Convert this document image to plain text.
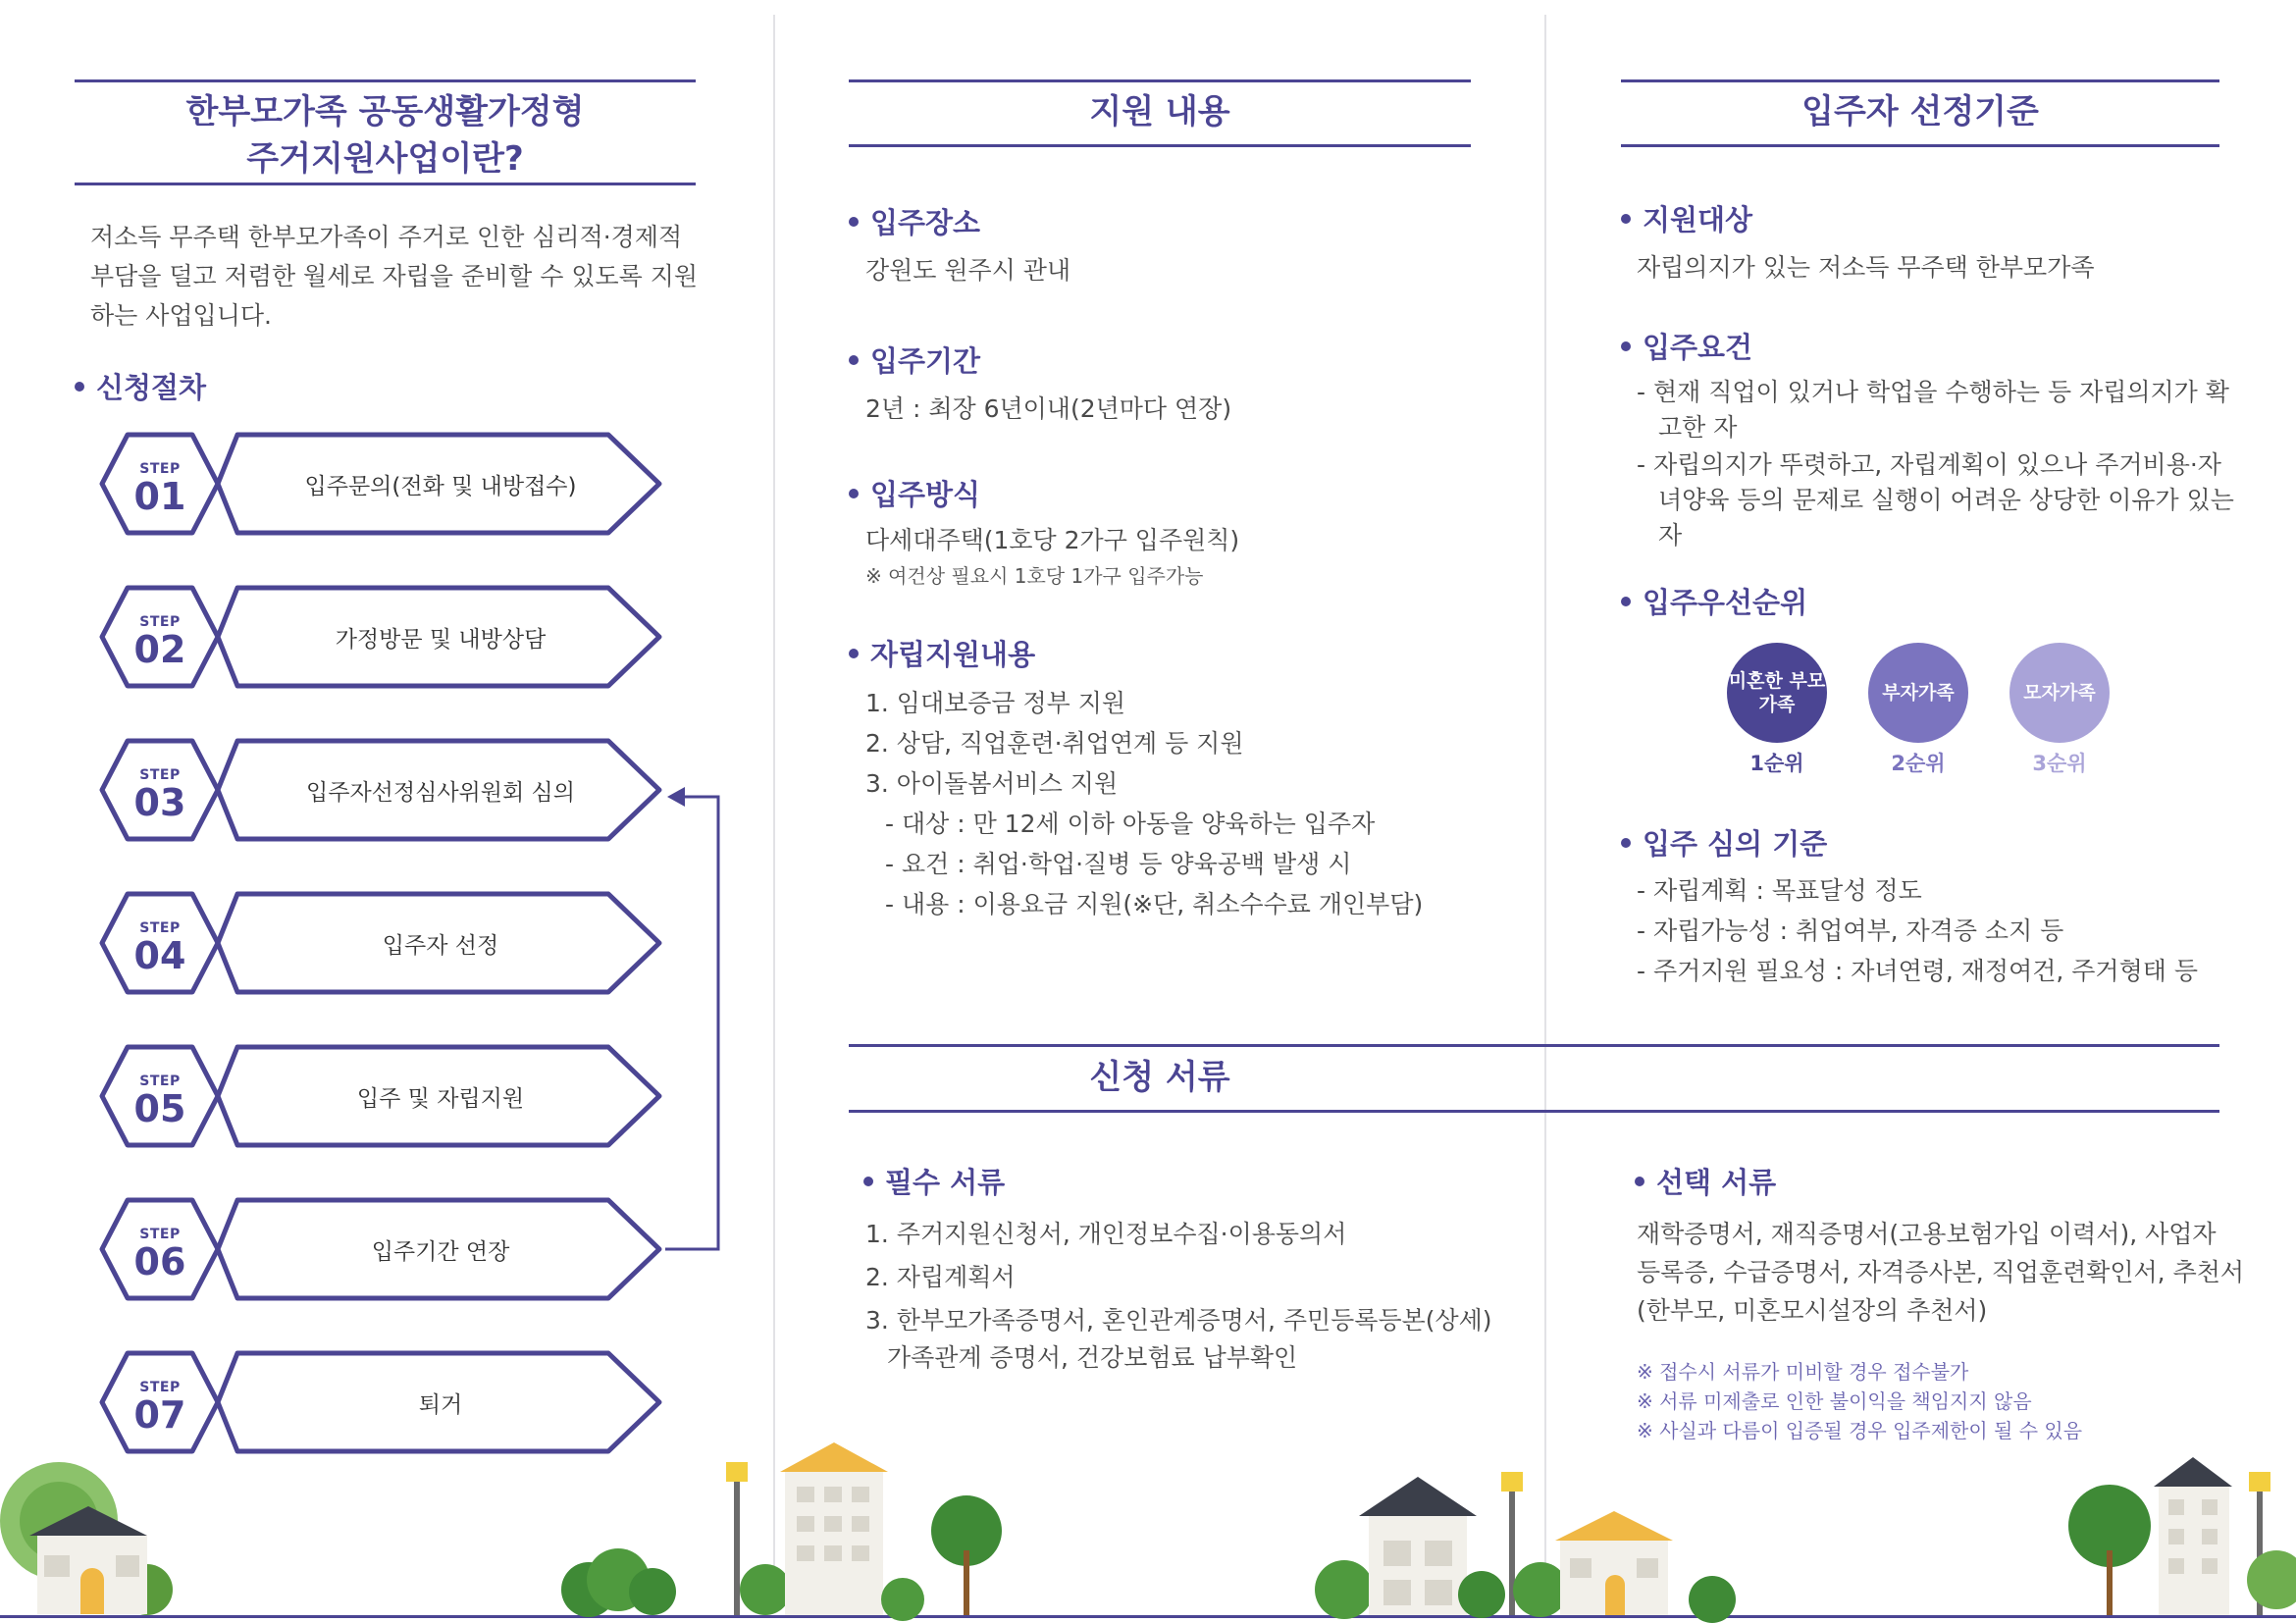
한부모가족 공동생활가정형
주거지원사업이란?
저소득 무주택 한부모가족이 주거로 인한 심리적·경제적
부담을 덜고 저렴한 월세로 자립을 준비할 수 있도록 지원
하는 사업입니다.
신청절차
입주문의(전화 및 내방접수)
STEP
01
가정방문 및 내방상담
STEP
02
입주자선정심사위원회 심의
STEP
03
입주자 선정
STEP
04
입주 및 자립지원
STEP
05
입주기간 연장
STEP
06
퇴거
STEP
07
지원 내용
입주장소
강원도 원주시 관내
입주기간
2년 : 최장 6년이내(2년마다 연장)
입주방식
다세대주택(1호당 2가구 입주원칙)
※ 여건상 필요시 1호당 1가구 입주가능
자립지원내용
1. 임대보증금 정부 지원
2. 상담, 직업훈련·취업연계 등 지원
3. 아이돌봄서비스 지원
- 대상 : 만 12세 이하 아동을 양육하는 입주자
- 요건 : 취업·학업·질병 등 양육공백 발생 시
- 내용 : 이용요금 지원(※단, 취소수수료 개인부담)
입주자 선정기준
지원대상
자립의지가 있는 저소득 무주택 한부모가족
입주요건
- 현재 직업이 있거나 학업을 수행하는 등 자립의지가 확고한 자
- 자립의지가 뚜렷하고, 자립계획이 있으나 주거비용·자녀양육 등의 문제로 실행이 어려운 상당한 이유가 있는 자
입주우선순위
미혼한 부모가족
부자가족	모자가족
1순위	2순위	3순위
입주 심의 기준
- 자립계획 : 목표달성 정도
- 자립가능성 : 취업여부, 자격증 소지 등
- 주거지원 필요성 : 자녀연령, 재정여건, 주거형태 등
신청 서류
필수 서류
1. 주거지원신청서, 개인정보수집·이용동의서
2. 자립계획서
3. 한부모가족증명서, 혼인관계증명서, 주민등록등본(상세)
가족관계 증명서, 건강보험료 납부확인
선택 서류
재학증명서, 재직증명서(고용보험가입 이력서), 사업자
등록증, 수급증명서, 자격증사본, 직업훈련확인서, 추천서
(한부모, 미혼모시설장의 추천서)
※ 접수시 서류가 미비할 경우 접수불가
※ 서류 미제출로 인한 불이익을 책임지지 않음
※ 사실과 다름이 입증될 경우 입주제한이 될 수 있음
